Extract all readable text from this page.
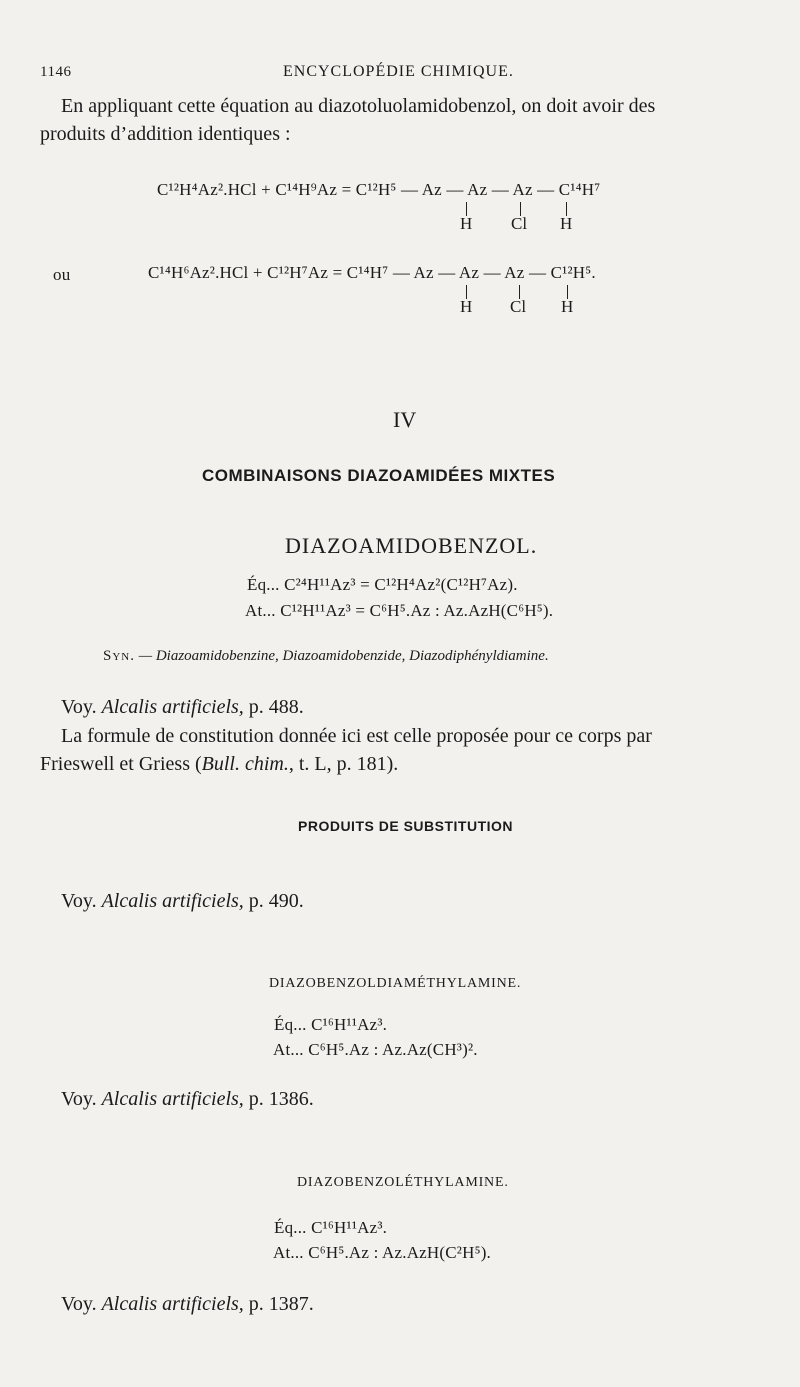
1146	ENCYCLOPÉDIE CHIMIQUE.
En appliquant cette équation au diazotoluolamidobenzol, on doit avoir des
produits d’addition identiques :
C¹²H⁴Az².HCl + C¹⁴H⁹Az = C¹²H⁵ — Az — Az — Az — C¹⁴H⁷
H Cl H
ou	C¹⁴H⁶Az².HCl + C¹²H⁷Az = C¹⁴H⁷ — Az — Az — Az — C¹²H⁵.
H Cl H
IV
COMBINAISONS DIAZOAMIDÉES MIXTES
DIAZOAMIDOBENZOL.
Éq... C²⁴H¹¹Az³ = C¹²H⁴Az²(C¹²H⁷Az).
At... C¹²H¹¹Az³ = C⁶H⁵.Az : Az.AzH(C⁶H⁵).
Syn. — Diazoamidobenzine, Diazoamidobenzide, Diazodiphényldiamine.
Voy. Alcalis artificiels, p. 488.
La formule de constitution donnée ici est celle proposée pour ce corps par
Frieswell et Griess (Bull. chim., t. L, p. 181).
PRODUITS DE SUBSTITUTION
Voy. Alcalis artificiels, p. 490.
DIAZOBENZOLDIAMÉTHYLAMINE.
Éq... C¹⁶H¹¹Az³.
At... C⁶H⁵.Az : Az.Az(CH³)².
Voy. Alcalis artificiels, p. 1386.
DIAZOBENZOLÉTHYLAMINE.
Éq... C¹⁶H¹¹Az³.
At... C⁶H⁵.Az : Az.AzH(C²H⁵).
Voy. Alcalis artificiels, p. 1387.
